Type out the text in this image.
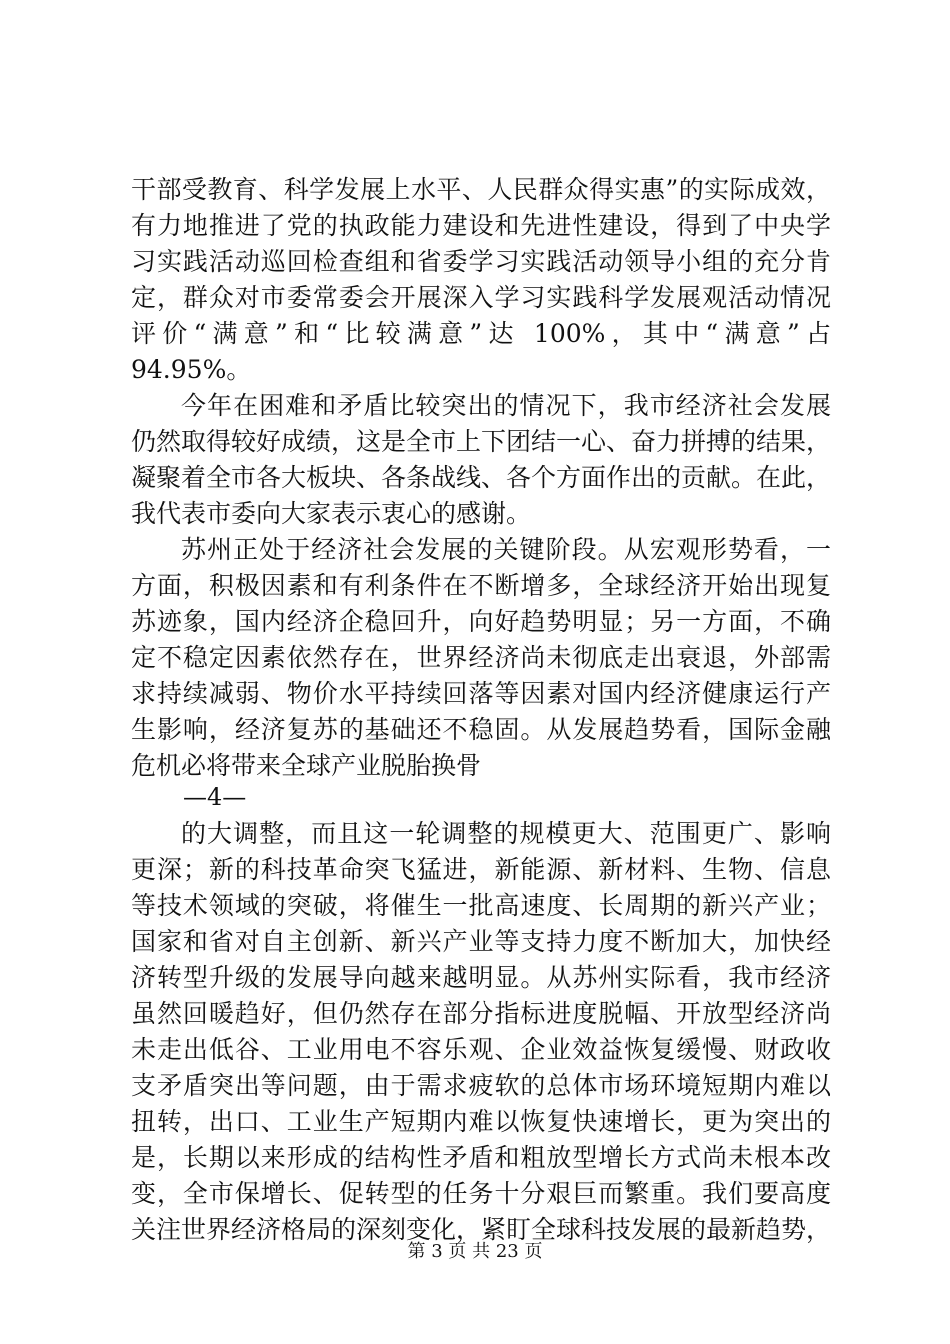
干部受教育、科学发展上水平、人民群众得实惠”的实际成效，
有力地推进了党的执政能力建设和先进性建设，得到了中央学
习实践活动巡回检查组和省委学习实践活动领导小组的充分肯
定，群众对市委常委会开展深入学习实践科学发展观活动情况
评价“满意”和“比较满意”达 100%，其中“满意”占
94.95%。
今年在困难和矛盾比较突出的情况下，我市经济社会发展
仍然取得较好成绩，这是全市上下团结一心、奋力拼搏的结果，
凝聚着全市各大板块、各条战线、各个方面作出的贡献。在此，
我代表市委向大家表示衷心的感谢。
苏州正处于经济社会发展的关键阶段。从宏观形势看，一
方面，积极因素和有利条件在不断增多，全球经济开始出现复
苏迹象，国内经济企稳回升，向好趋势明显；另一方面，不确
定不稳定因素依然存在，世界经济尚未彻底走出衰退，外部需
求持续减弱、物价水平持续回落等因素对国内经济健康运行产
生影响，经济复苏的基础还不稳固。从发展趋势看，国际金融
危机必将带来全球产业脱胎换骨
—4—
的大调整，而且这一轮调整的规模更大、范围更广、影响
更深；新的科技革命突飞猛进，新能源、新材料、生物、信息
等技术领域的突破，将催生一批高速度、长周期的新兴产业；
国家和省对自主创新、新兴产业等支持力度不断加大，加快经
济转型升级的发展导向越来越明显。从苏州实际看，我市经济
虽然回暖趋好，但仍然存在部分指标进度脱幅、开放型经济尚
未走出低谷、工业用电不容乐观、企业效益恢复缓慢、财政收
支矛盾突出等问题，由于需求疲软的总体市场环境短期内难以
扭转，出口、工业生产短期内难以恢复快速增长，更为突出的
是，长期以来形成的结构性矛盾和粗放型增长方式尚未根本改
变，全市保增长、促转型的任务十分艰巨而繁重。我们要高度
关注世界经济格局的深刻变化，紧盯全球科技发展的最新趋势，
第 3 页 共 23 页
